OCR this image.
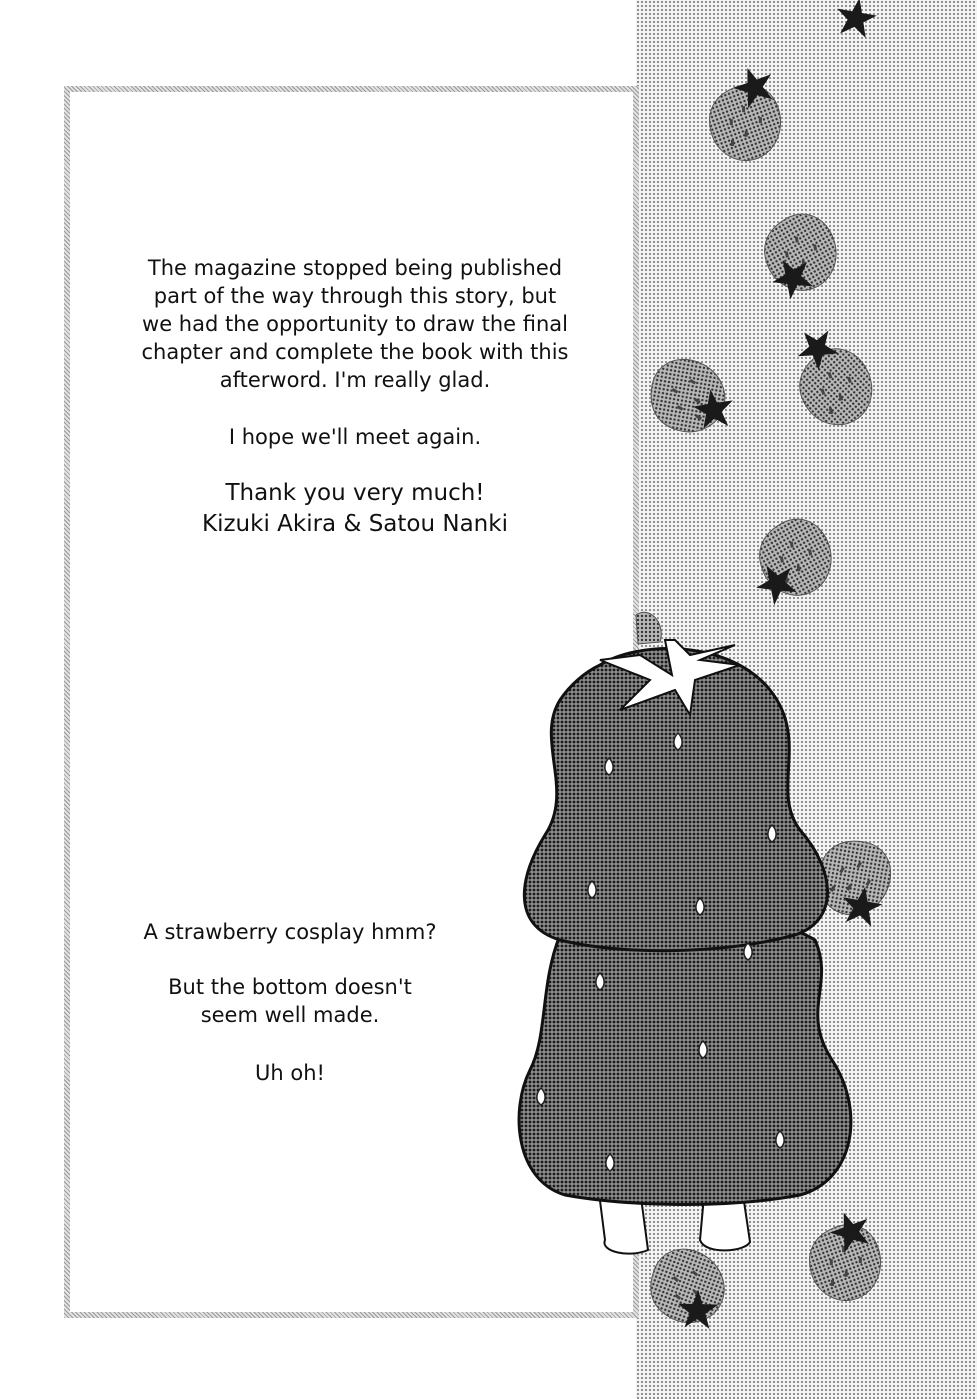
The magazine stopped being published
part of the way through this story, but
we had the opportunity to draw the final
chapter and complete the book with this
afterword. I'm really glad.
I hope we'll meet again.
Thank you very much!
Kizuki Akira & Satou Nanki
A strawberry cosplay hmm?
But the bottom doesn't
seem well made.
Uh oh!
